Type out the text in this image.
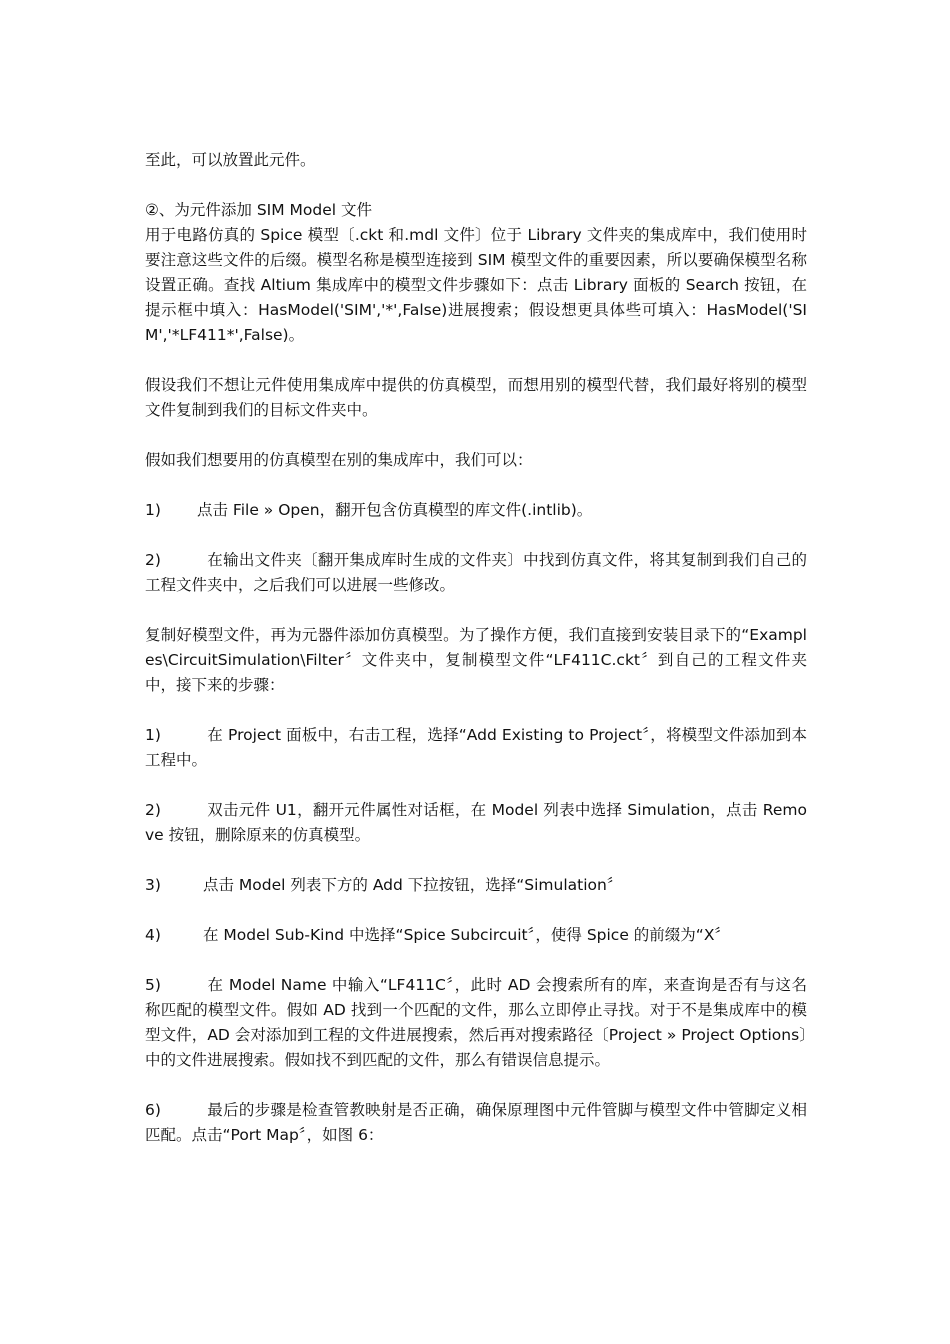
至此，可以放置此元件。

②、为元件添加 SIM Model 文件

用于电路仿真的 Spice 模型〔.ckt 和.mdl 文件〕位于 Library 文件夹的集成库中，我们使用时要注意这些文件的后缀。模型名称是模型连接到 SIM 模型文件的重要因素，所以要确保模型名称设置正确。查找 Altium 集成库中的模型文件步骤如下：点击 Library 面板的 Search 按钮，在提示框中填入：HasModel('SIM','*',False)进展搜索；假设想更具体些可填入：HasModel('SIM','*LF411*',False)。

假设我们不想让元件使用集成库中提供的仿真模型，而想用别的模型代替，我们最好将别的模型文件复制到我们的目标文件夹中。

假如我们想要用的仿真模型在别的集成库中，我们可以：

1) 点击 File » Open，翻开包含仿真模型的库文件(.intlib)。

2)	在输出文件夹〔翻开集成库时生成的文件夹〕中找到仿真文件，将其复制到我们自己的工程文件夹中，之后我们可以进展一些修改。

复制好模型文件，再为元器件添加仿真模型。为了操作方便，我们直接到安装目录下的“Examples\CircuitSimulation\Filter〞文件夹中，复制模型文件“LF411C.ckt〞到自己的工程文件夹中，接下来的步骤：

1)	在 Project 面板中，右击工程，选择“Add Existing to Project〞，将模型文件添加到本工程中。

2)	双击元件 U1，翻开元件属性对话框，在 Model 列表中选择 Simulation，点击 Remove 按钮，删除原来的仿真模型。

3)	点击 Model 列表下方的 Add 下拉按钮，选择“Simulation〞

4)	在 Model Sub-Kind 中选择“Spice Subcircuit〞，使得 Spice 的前缀为“X〞

5)	在 Model Name 中输入“LF411C〞，此时 AD 会搜索所有的库，来查询是否有与这名称匹配的模型文件。假如 AD 找到一个匹配的文件，那么立即停止寻找。对于不是集成库中的模型文件，AD 会对添加到工程的文件进展搜索，然后再对搜索路径〔Project » Project Options〕中的文件进展搜索。假如找不到匹配的文件，那么有错误信息提示。

6)	最后的步骤是检查管教映射是否正确，确保原理图中元件管脚与模型文件中管脚定义相匹配。点击“Port Map〞，如图 6：
